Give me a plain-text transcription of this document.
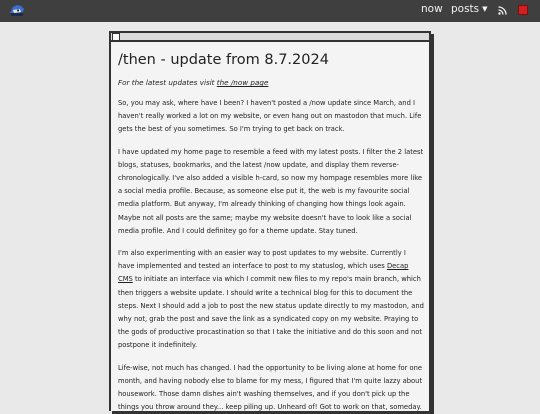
now posts ▼
/then - update from 8.7.2024
For the latest updates visit the /now page

So, you may ask, where have I been? I haven't posted a /now update since March, and I haven't really worked a lot on my website, or even hang out on mastodon that much. Life gets the best of you sometimes. So I'm trying to get back on track.

I have updated my home page to resemble a feed with my latest posts. I filter the 2 latest blogs, statuses, bookmarks, and the latest /now update, and display them reverse-chronologically. I've also added a visible h-card, so now my hompage resembles more like a social media profile. Because, as someone else put it, the web is my favourite social media platform. But anyway, I'm already thinking of changing how things look again. Maybe not all posts are the same; maybe my website doesn't have to look like a social media profile. And I could definitey go for a theme update. Stay tuned.

I'm also experimenting with an easier way to post updates to my website. Currently I have implemented and tested an interface to post to my statuslog, which uses Decap CMS to initiate an interface via which I commit new files to my repo's main branch, which then triggers a website update. I should write a technical blog for this to document the steps. Next I should add a job to post the new status update directly to my mastodon, and why not, grab the post and save the link as a syndicated copy on my website. Praying to the gods of productive procastination so that I take the initiative and do this soon and not postpone it indefinitely.

Life-wise, not much has changed. I had the opportunity to be living alone at home for one month, and having nobody else to blame for my mess, I figured that I'm quite lazzy about housework. Those damn dishes ain't washing themselves, and if you don't pick up the things you throw around they... keep piling up. Unheard of! Got to work on that, someday.
